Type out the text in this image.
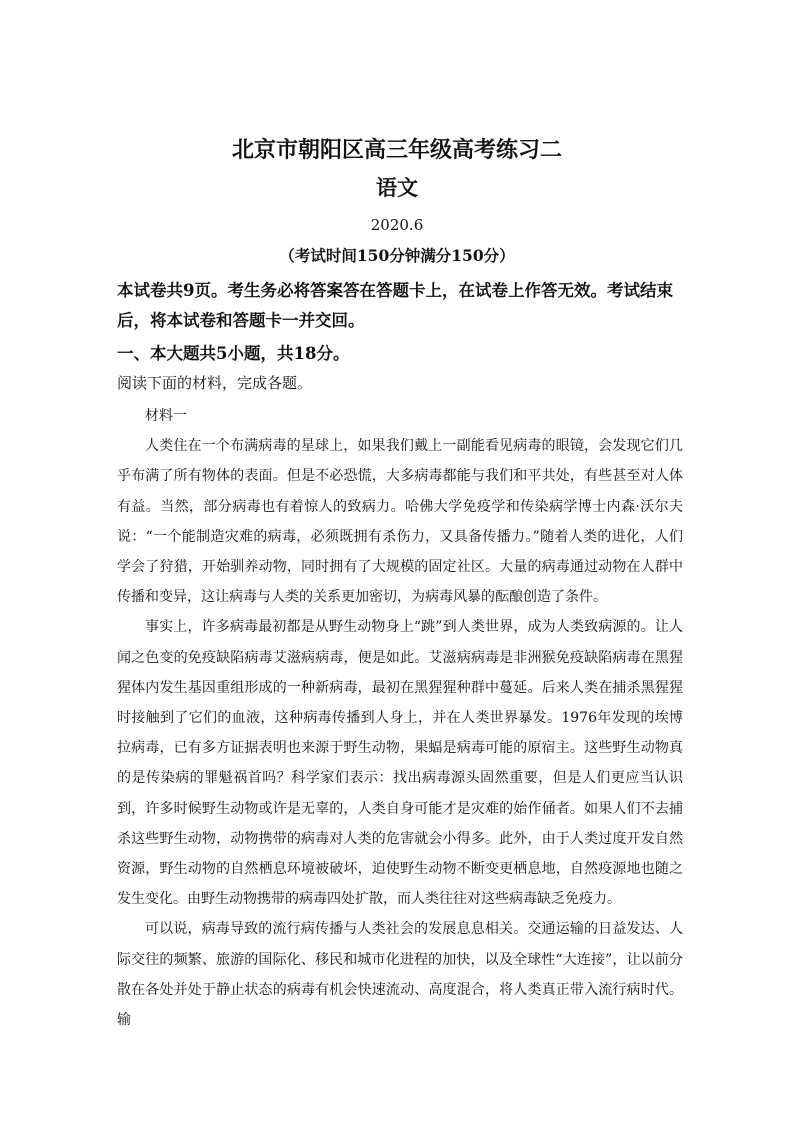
北京市朝阳区高三年级高考练习二
语文
2020.6
（考试时间150分钟满分150分）
本试卷共9页。考生务必将答案答在答题卡上，在试卷上作答无效。考试结束后，将本试卷和答题卡一并交回。
一、本大题共5小题，共18分。
阅读下面的材料，完成各题。

材料一

人类住在一个布满病毒的星球上，如果我们戴上一副能看见病毒的眼镜，会发现它们几乎布满了所有物体的表面。但是不必恐慌，大多病毒都能与我们和平共处，有些甚至对人体有益。当然，部分病毒也有着惊人的致病力。哈佛大学免疫学和传染病学博士内森·沃尔夫说：“一个能制造灾难的病毒，必须既拥有杀伤力，又具备传播力。”随着人类的进化，人们学会了狩猎，开始驯养动物，同时拥有了大规模的固定社区。大量的病毒通过动物在人群中传播和变异，这让病毒与人类的关系更加密切，为病毒风暴的酝酿创造了条件。

事实上，许多病毒最初都是从野生动物身上“跳”到人类世界，成为人类致病源的。让人闻之色变的免疫缺陷病毒艾滋病病毒，便是如此。艾滋病病毒是非洲猴免疫缺陷病毒在黑猩猩体内发生基因重组形成的一种新病毒，最初在黑猩猩种群中蔓延。后来人类在捕杀黑猩猩时接触到了它们的血液，这种病毒传播到人身上，并在人类世界暴发。1976年发现的埃博拉病毒，已有多方证据表明也来源于野生动物，果蝠是病毒可能的原宿主。这些野生动物真的是传染病的罪魁祸首吗？科学家们表示：找出病毒源头固然重要，但是人们更应当认识到，许多时候野生动物或许是无辜的，人类自身可能才是灾难的始作俑者。如果人们不去捕杀这些野生动物，动物携带的病毒对人类的危害就会小得多。此外，由于人类过度开发自然资源，野生动物的自然栖息环境被破坏，迫使野生动物不断变更栖息地，自然疫源地也随之发生变化。由野生动物携带的病毒四处扩散，而人类往往对这些病毒缺乏免疫力。

可以说，病毒导致的流行病传播与人类社会的发展息息相关。交通运输的日益发达、人际交往的频繁、旅游的国际化、移民和城市化进程的加快，以及全球性“大连接”，让以前分散在各处并处于静止状态的病毒有机会快速流动、高度混合，将人类真正带入流行病时代。输
